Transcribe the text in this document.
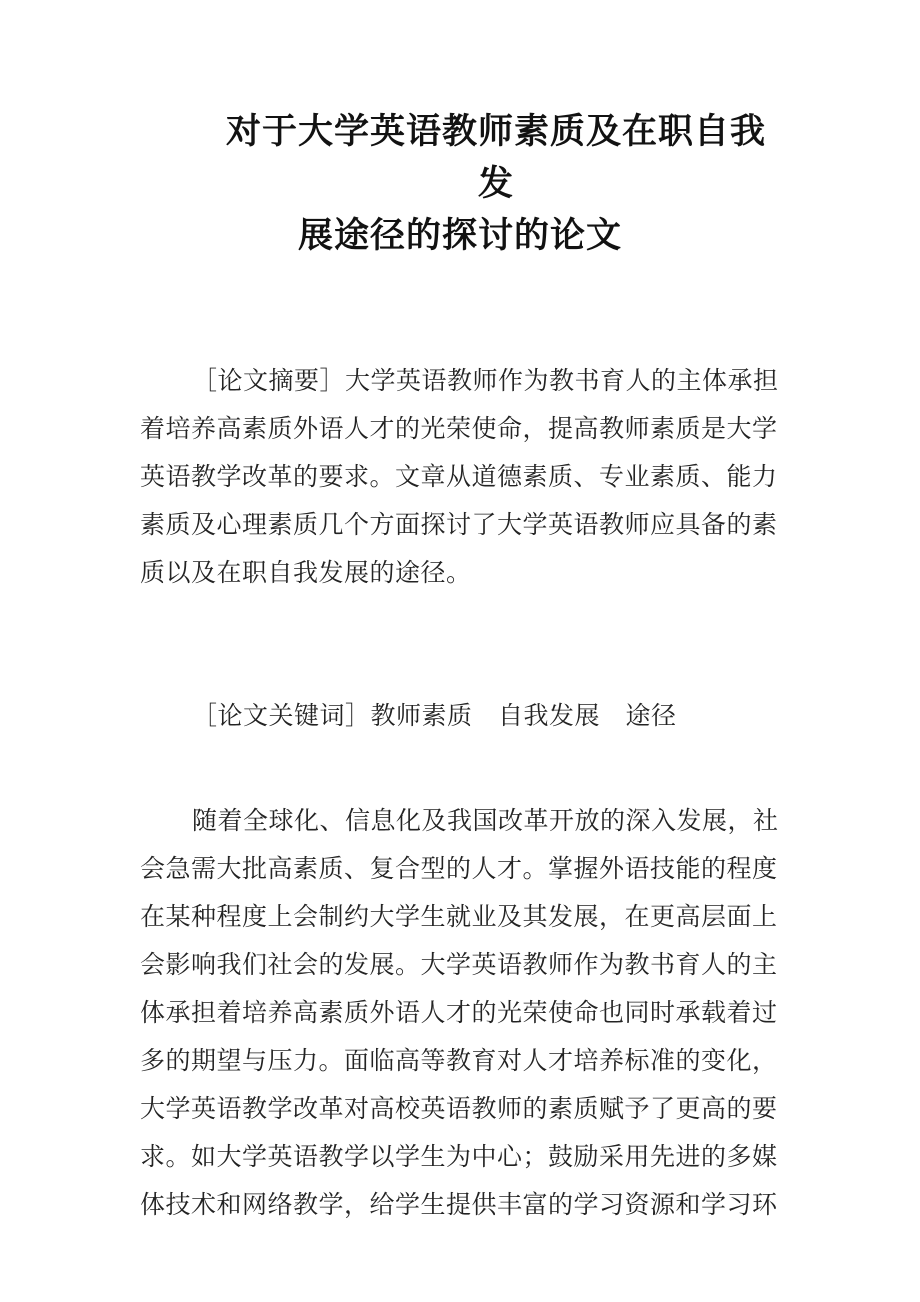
对于大学英语教师素质及在职自我发
展途径的探讨的论文
［论文摘要］大学英语教师作为教书育人的主体承担
着培养高素质外语人才的光荣使命，提高教师素质是大学
英语教学改革的要求。文章从道德素质、专业素质、能力
素质及心理素质几个方面探讨了大学英语教师应具备的素
质以及在职自我发展的途径。
［论文关键词］教师素质　自我发展　途径
随着全球化、信息化及我国改革开放的深入发展，社
会急需大批高素质、复合型的人才。掌握外语技能的程度
在某种程度上会制约大学生就业及其发展，在更高层面上
会影响我们社会的发展。大学英语教师作为教书育人的主
体承担着培养高素质外语人才的光荣使命也同时承载着过
多的期望与压力。面临高等教育对人才培养标准的变化，
大学英语教学改革对高校英语教师的素质赋予了更高的要
求。如大学英语教学以学生为中心；鼓励采用先进的多媒
体技术和网络教学，给学生提供丰富的学习资源和学习环
